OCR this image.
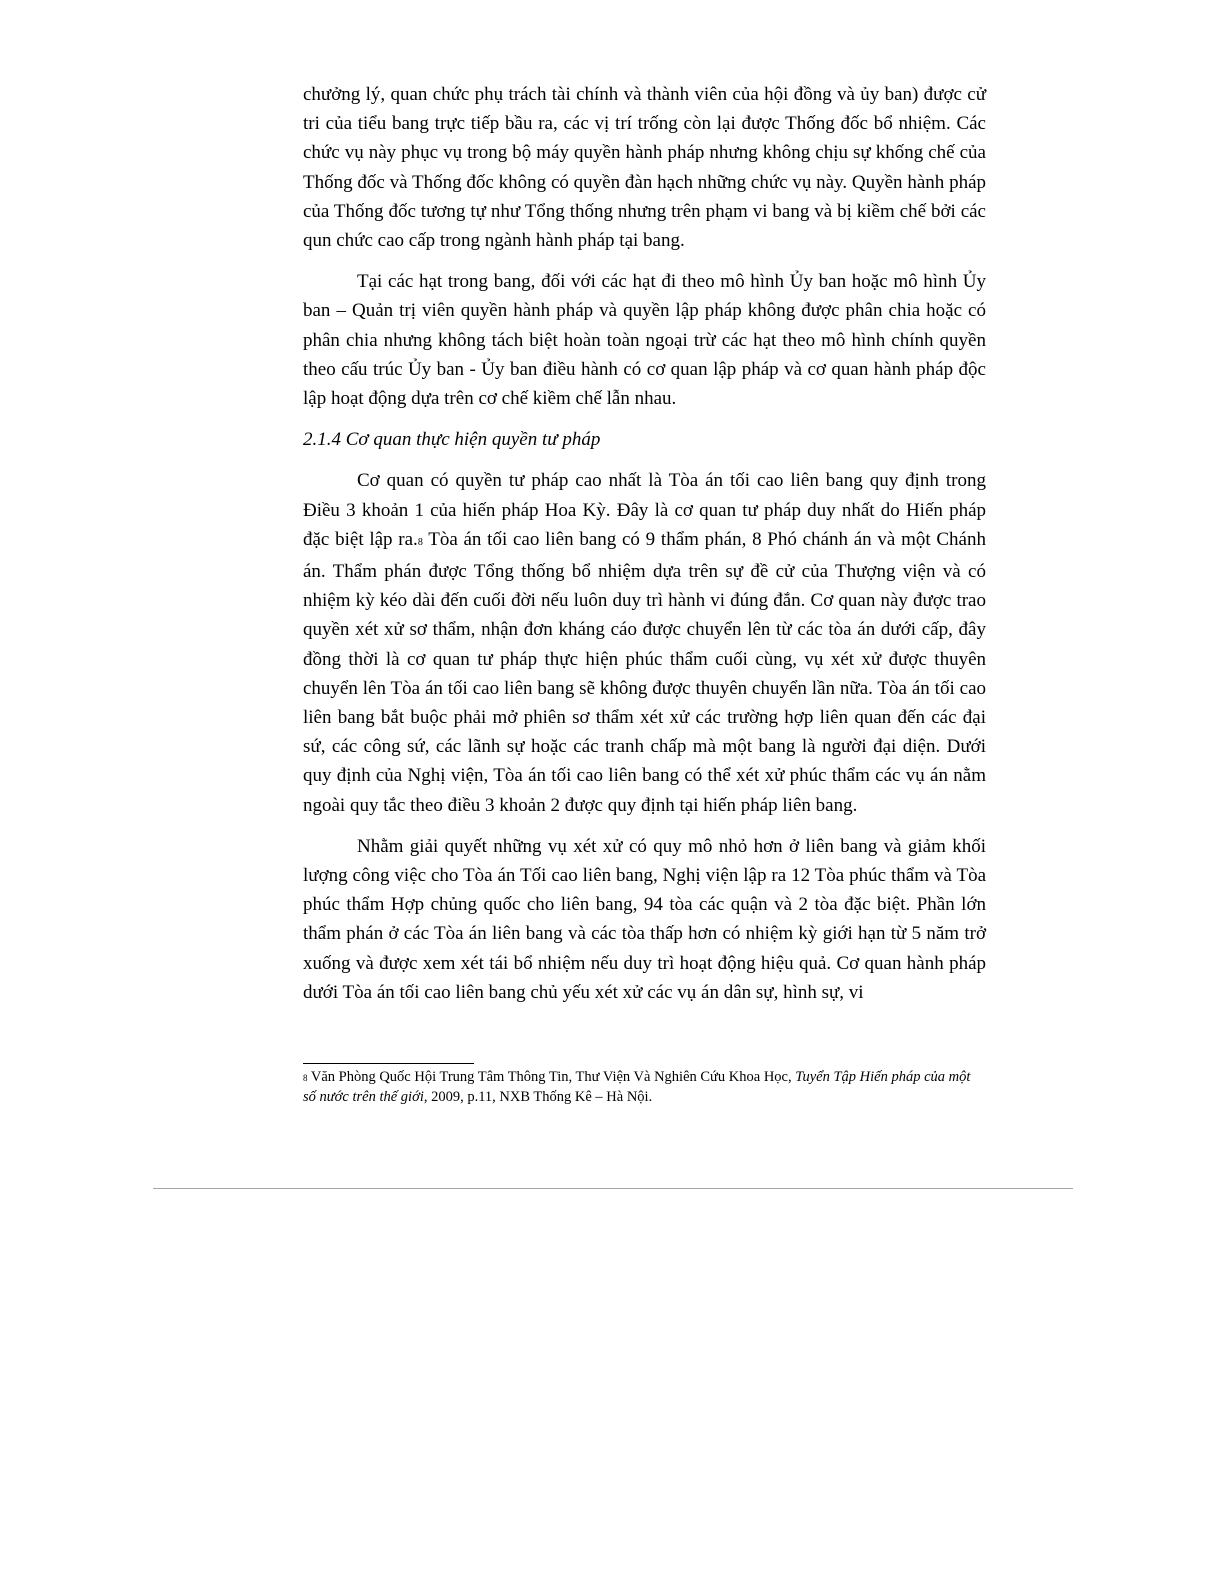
chưởng lý, quan chức phụ trách tài chính và thành viên của hội đồng và ủy ban) được cử tri của tiểu bang trực tiếp bầu ra, các vị trí trống còn lại được Thống đốc bổ nhiệm. Các chức vụ này phục vụ trong bộ máy quyền hành pháp nhưng không chịu sự khống chế của Thống đốc và Thống đốc không có quyền đàn hạch những chức vụ này. Quyền hành pháp của Thống đốc tương tự như Tổng thống nhưng trên phạm vi bang và bị kiềm chế bởi các qun chức cao cấp trong ngành hành pháp tại bang.

Tại các hạt trong bang, đối với các hạt đi theo mô hình Ủy ban hoặc mô hình Ủy ban – Quản trị viên quyền hành pháp và quyền lập pháp không được phân chia hoặc có phân chia nhưng không tách biệt hoàn toàn ngoại trừ các hạt theo mô hình chính quyền theo cấu trúc Ủy ban - Ủy ban điều hành có cơ quan lập pháp và cơ quan hành pháp độc lập hoạt động dựa trên cơ chế kiềm chế lẫn nhau.

2.1.4 Cơ quan thực hiện quyền tư pháp

Cơ quan có quyền tư pháp cao nhất là Tòa án tối cao liên bang quy định trong Điều 3 khoản 1 của hiến pháp Hoa Kỳ. Đây là cơ quan tư pháp duy nhất do Hiến pháp đặc biệt lập ra.8 Tòa án tối cao liên bang có 9 thẩm phán, 8 Phó chánh án và một Chánh án. Thẩm phán được Tổng thống bổ nhiệm dựa trên sự đề cử của Thượng viện và có nhiệm kỳ kéo dài đến cuối đời nếu luôn duy trì hành vi đúng đắn. Cơ quan này được trao quyền xét xử sơ thẩm, nhận đơn kháng cáo được chuyển lên từ các tòa án dưới cấp, đây đồng thời là cơ quan tư pháp thực hiện phúc thẩm cuối cùng, vụ xét xử được thuyên chuyển lên Tòa án tối cao liên bang sẽ không được thuyên chuyển lần nữa. Tòa án tối cao liên bang bắt buộc phải mở phiên sơ thẩm xét xử các trường hợp liên quan đến các đại sứ, các công sứ, các lãnh sự hoặc các tranh chấp mà một bang là người đại diện. Dưới quy định của Nghị viện, Tòa án tối cao liên bang có thể xét xử phúc thẩm các vụ án nằm ngoài quy tắc theo điều 3 khoản 2 được quy định tại hiến pháp liên bang.

Nhằm giải quyết những vụ xét xử có quy mô nhỏ hơn ở liên bang và giảm khối lượng công việc cho Tòa án Tối cao liên bang, Nghị viện lập ra 12 Tòa phúc thẩm và Tòa phúc thẩm Hợp chủng quốc cho liên bang, 94 tòa các quận và 2 tòa đặc biệt. Phần lớn thẩm phán ở các Tòa án liên bang và các tòa thấp hơn có nhiệm kỳ giới hạn từ 5 năm trở xuống và được xem xét tái bổ nhiệm nếu duy trì hoạt động hiệu quả. Cơ quan hành pháp dưới Tòa án tối cao liên bang chủ yếu xét xử các vụ án dân sự, hình sự, vi

8 Văn Phòng Quốc Hội Trung Tâm Thông Tin, Thư Viện Và Nghiên Cứu Khoa Học, Tuyển Tập Hiến pháp của một số nước trên thế giới, 2009, p.11, NXB Thống Kê – Hà Nội.
